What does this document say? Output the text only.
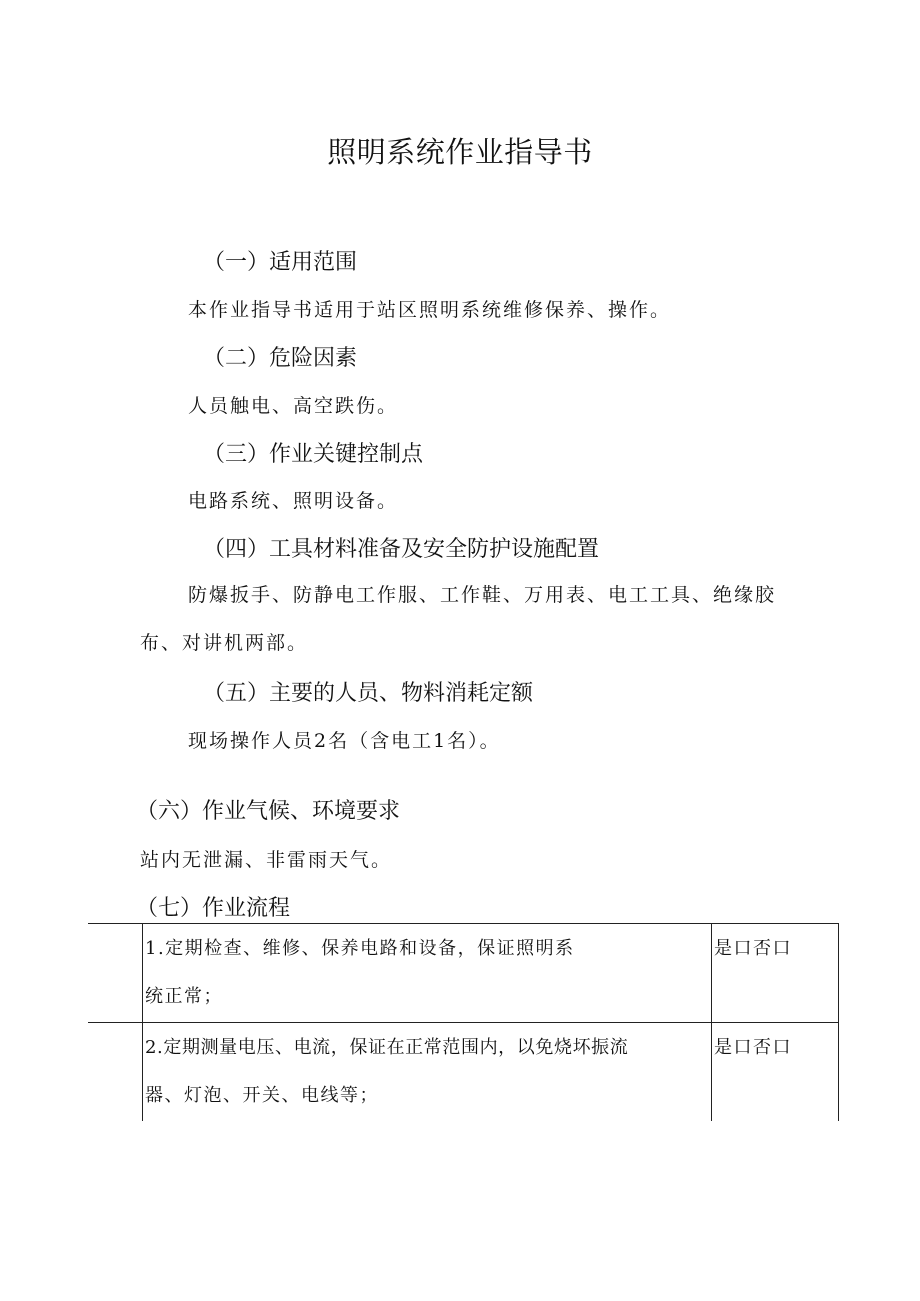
照明系统作业指导书
（一）适用范围
本作业指导书适用于站区照明系统维修保养、操作。
（二）危险因素
人员触电、高空跌伤。
（三）作业关键控制点
电路系统、照明设备。
（四）工具材料准备及安全防护设施配置
防爆扳手、防静电工作服、工作鞋、万用表、电工工具、绝缘胶
布、对讲机两部。
（五）主要的人员、物料消耗定额
现场操作人员2名（含电工1名）。
（六）作业气候、环境要求
站内无泄漏、非雷雨天气。
（七）作业流程

	1.定期检查、维修、保养电路和设备，保证照明系
统正常；	是口否口

	2.定期测量电压、电流，保证在正常范围内，以免烧坏振流
器、灯泡、开关、电线等；	是口否口
